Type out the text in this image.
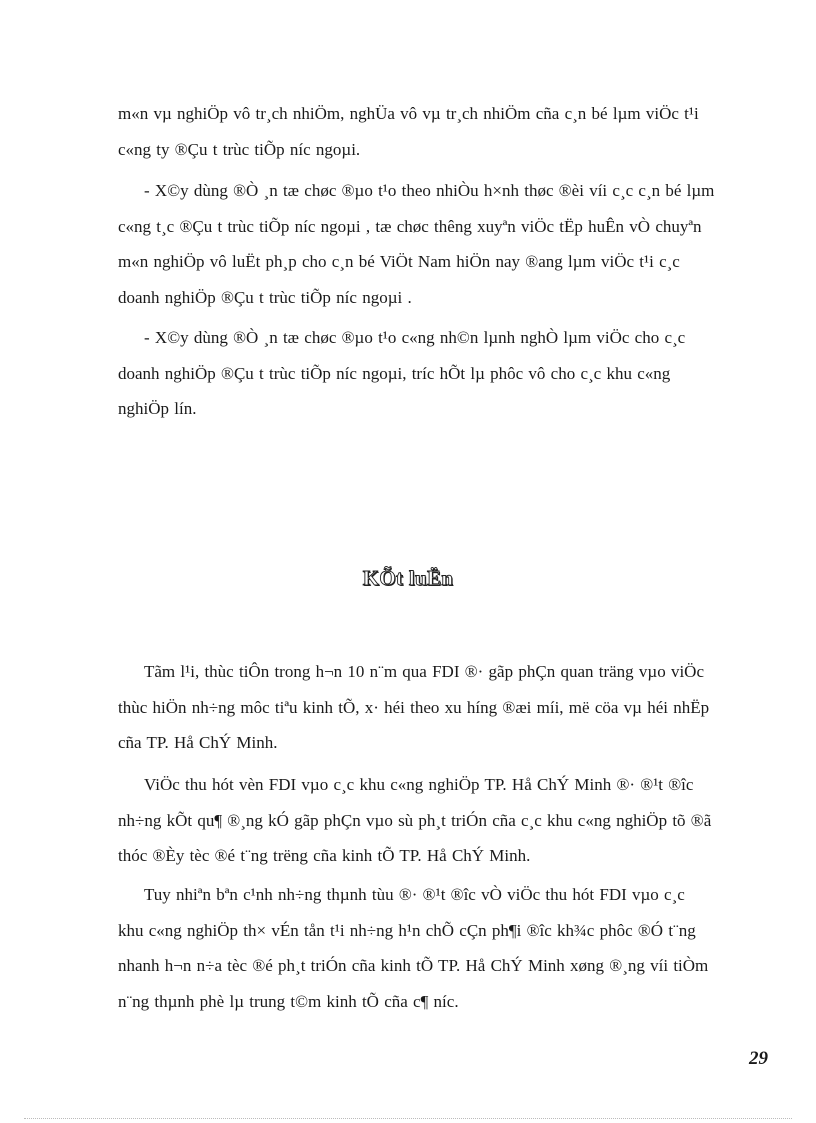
m«n vµ nghiÖp vô tr¸ch nhiÖm, nghÜa vô vµ tr¸ch nhiÖm cña c¸n bé lµm viÖc t¹i
c«ng ty ®Çu t trùc tiÕp níc ngoµi.

- X©y dùng ®Ò ¸n tæ chøc ®µo t¹o theo nhiÒu h×nh thøc ®èi víi c¸c c¸n bé lµm
c«ng t¸c ®Çu t trùc tiÕp níc ngoµi , tæ chøc thêng xuyªn viÖc tËp huÊn vÒ chuyªn
m«n nghiÖp vô luËt ph¸p cho c¸n bé ViÖt Nam hiÖn nay ®ang lµm viÖc t¹i c¸c
doanh nghiÖp ®Çu t trùc tiÕp níc ngoµi .

- X©y dùng ®Ò ¸n tæ chøc ®µo t¹o c«ng nh©n lµnh nghÒ lµm viÖc cho c¸c
doanh nghiÖp ®Çu t trùc tiÕp níc ngoµi, tríc hÕt lµ phôc vô cho c¸c khu c«ng
nghiÖp lín.

KÕt luËn

Tãm l¹i, thùc tiÔn trong h¬n 10 n¨m qua FDI ®· gãp phÇn quan träng vµo viÖc
thùc hiÖn nh÷ng môc tiªu kinh tÕ, x· héi theo xu híng ®æi míi, më cöa vµ héi nhËp
cña TP. Hå ChÝ Minh.

ViÖc thu hót vèn FDI vµo c¸c khu c«ng nghiÖp TP. Hå ChÝ Minh ®· ®¹t ®îc
nh÷ng kÕt qu¶ ®¸ng kÓ gãp phÇn vµo sù ph¸t triÓn cña c¸c khu c«ng nghiÖp tõ ®ã
thóc ®Èy tèc ®é t¨ng trëng cña kinh tÕ TP. Hå ChÝ Minh.

Tuy nhiªn bªn c¹nh nh÷ng thµnh tùu ®· ®¹t ®îc vÒ viÖc thu hót FDI vµo c¸c
khu c«ng nghiÖp th× vÉn tån t¹i nh÷ng h¹n chÕ cÇn ph¶i ®îc kh¾c phôc ®Ó t¨ng
nhanh h¬n n÷a tèc ®é ph¸t triÓn cña kinh tÕ TP. Hå ChÝ Minh xøng ®¸ng víi tiÒm
n¨ng thµnh phè lµ trung t©m kinh tÕ cña c¶ níc.

29
